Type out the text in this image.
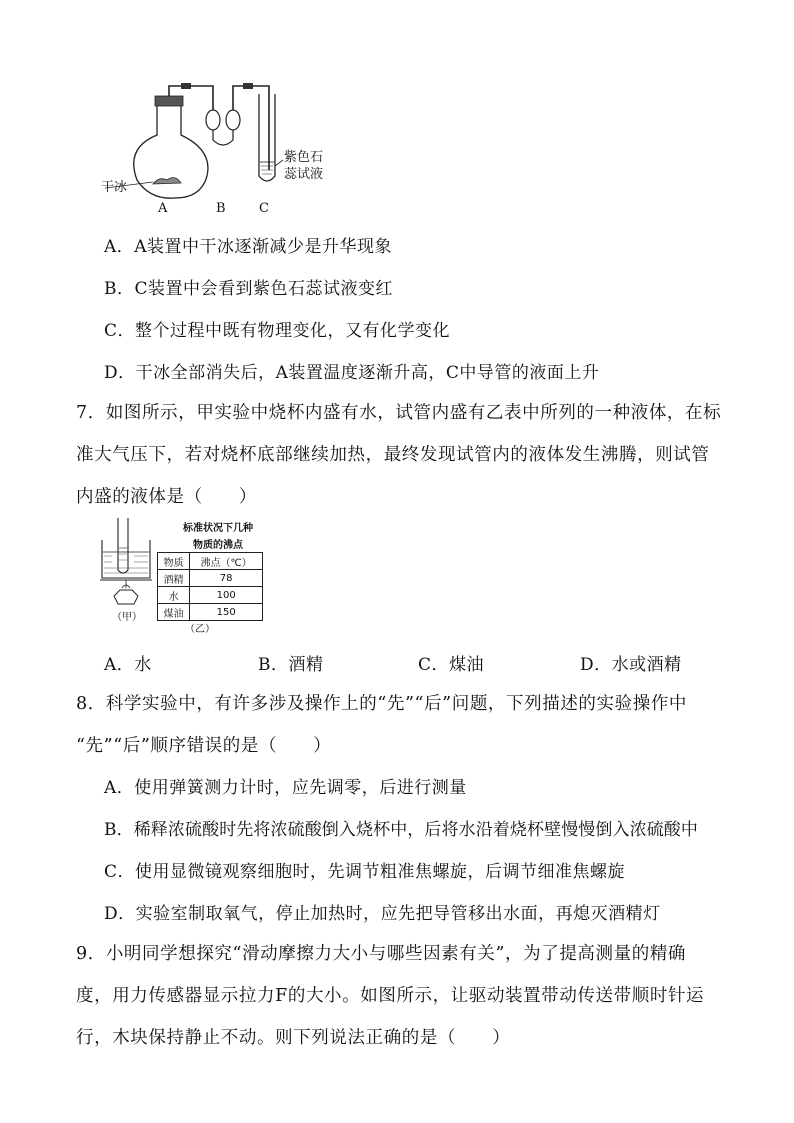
干冰
紫色石
蕊试液
A	B	C
A．A装置中干冰逐渐减少是升华现象
B．C装置中会看到紫色石蕊试液变红
C．整个过程中既有物理变化，又有化学变化
D．干冰全部消失后，A装置温度逐渐升高，C中导管的液面上升
7．如图所示，甲实验中烧杯内盛有水，试管内盛有乙表中所列的一种液体，在标
准大气压下，若对烧杯底部继续加热，最终发现试管内的液体发生沸腾，则试管
内盛的液体是（　　）
（甲）
标准状况下几种
物质的沸点
物质	沸点（℃）
酒精	78
水	100
煤油	150
（乙）
A．水	B．酒精	C．煤油	D．水或酒精
8．科学实验中，有许多涉及操作上的“先”“后”问题，下列描述的实验操作中
“先”“后”顺序错误的是（　　）
A．使用弹簧测力计时，应先调零，后进行测量
B．稀释浓硫酸时先将浓硫酸倒入烧杯中，后将水沿着烧杯壁慢慢倒入浓硫酸中
C．使用显微镜观察细胞时，先调节粗准焦螺旋，后调节细准焦螺旋
D．实验室制取氧气，停止加热时，应先把导管移出水面，再熄灭酒精灯
9．小明同学想探究“滑动摩擦力大小与哪些因素有关”，为了提高测量的精确
度，用力传感器显示拉力F的大小。如图所示，让驱动装置带动传送带顺时针运
行，木块保持静止不动。则下列说法正确的是（　　）
